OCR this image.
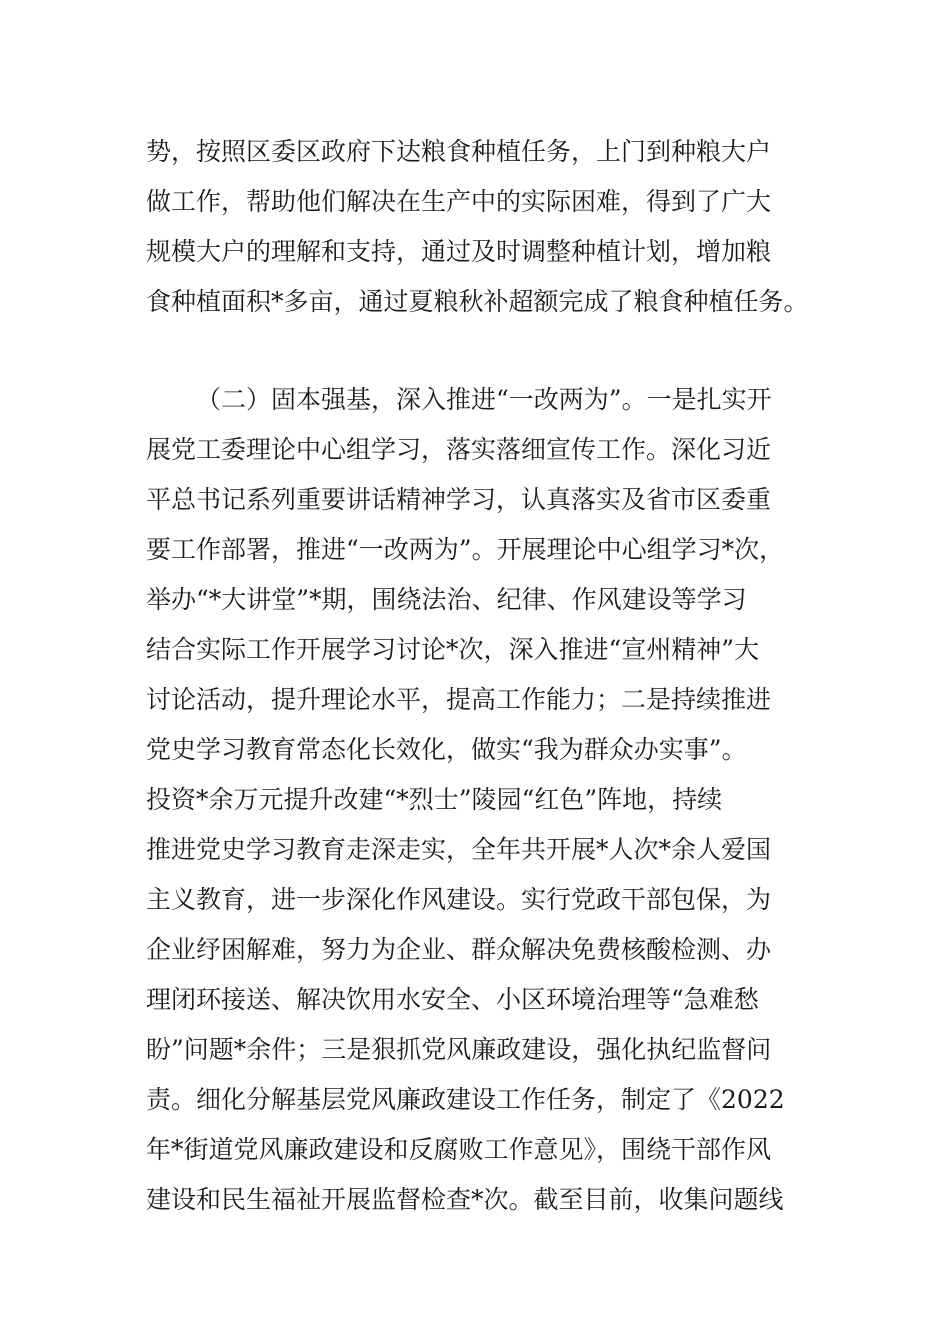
势，按照区委区政府下达粮食种植任务，上门到种粮大户
做工作，帮助他们解决在生产中的实际困难，得到了广大
规模大户的理解和支持，通过及时调整种植计划，增加粮
食种植面积*多亩，通过夏粮秋补超额完成了粮食种植任务。
（二）固本强基，深入推进“一改两为”。一是扎实开
展党工委理论中心组学习，落实落细宣传工作。深化习近
平总书记系列重要讲话精神学习，认真落实及省市区委重
要工作部署，推进“一改两为”。开展理论中心组学习*次，
举办“*大讲堂”*期，围绕法治、纪律、作风建设等学习
结合实际工作开展学习讨论*次，深入推进“宣州精神”大
讨论活动，提升理论水平，提高工作能力；二是持续推进
党史学习教育常态化长效化，做实“我为群众办实事”。
投资*余万元提升改建“*烈士”陵园“红色”阵地，持续
推进党史学习教育走深走实，全年共开展*人次*余人爱国
主义教育，进一步深化作风建设。实行党政干部包保，为
企业纾困解难，努力为企业、群众解决免费核酸检测、办
理闭环接送、解决饮用水安全、小区环境治理等“急难愁
盼”问题*余件；三是狠抓党风廉政建设，强化执纪监督问
责。细化分解基层党风廉政建设工作任务，制定了《2022
年*街道党风廉政建设和反腐败工作意见》，围绕干部作风
建设和民生福祉开展监督检查*次。截至目前，收集问题线
